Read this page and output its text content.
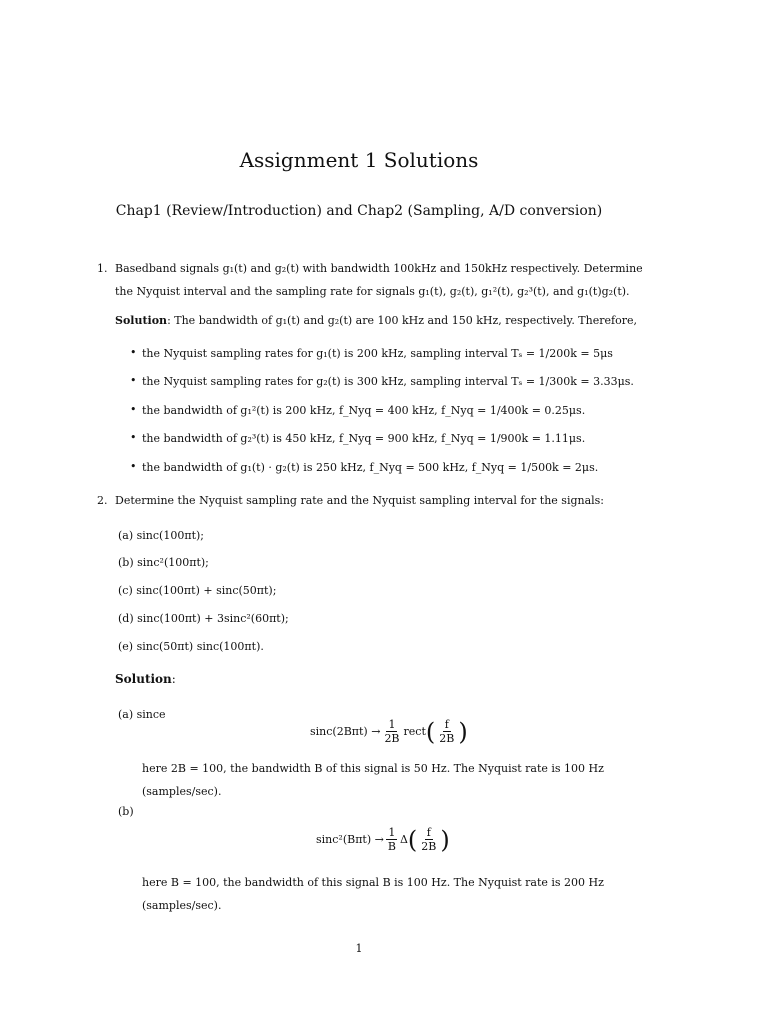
Assignment 1 Solutions
Chap1 (Review/Introduction) and Chap2 (Sampling, A/D conversion)
1. Basedband signals g₁(t) and g₂(t) with bandwidth 100kHz and 150kHz respectively. Determine
the Nyquist interval and the sampling rate for signals g₁(t), g₂(t), g₁²(t), g₂³(t), and g₁(t)g₂(t).
Solution: The bandwidth of g₁(t) and g₂(t) are 100 kHz and 150 kHz, respectively. Therefore,
• the Nyquist sampling rates for g₁(t) is 200 kHz, sampling interval Tₛ = 1/200k = 5μs
• the Nyquist sampling rates for g₂(t) is 300 kHz, sampling interval Tₛ = 1/300k = 3.33μs.
• the bandwidth of g₁²(t) is 200 kHz, f_Nyq = 400 kHz, f_Nyq = 1/400k = 0.25μs.
• the bandwidth of g₂³(t) is 450 kHz, f_Nyq = 900 kHz, f_Nyq = 1/900k = 1.11μs.
• the bandwidth of g₁(t) · g₂(t) is 250 kHz, f_Nyq = 500 kHz, f_Nyq = 1/500k = 2μs.
2. Determine the Nyquist sampling rate and the Nyquist sampling interval for the signals:
(a) sinc(100πt);
(b) sinc²(100πt);
(c) sinc(100πt) + sinc(50πt);
(d) sinc(100πt) + 3sinc²(60πt);
(e) sinc(50πt) sinc(100πt).
Solution:
(a) since
$\sin c(2B\pi t) \to \frac{1}{2B}$ rect ( $\frac{f}{2B}$ )
here 2B = 100, the bandwidth B of this signal is 50 Hz. The Nyquist rate is 100 Hz
(samples/sec).
(b)
$\sin c^2(B\pi t) \to \frac{1}{B}$ Δ ( $\frac{f}{2B}$ )
here B = 100, the bandwidth of this signal B is 100 Hz. The Nyquist rate is 200 Hz
(samples/sec).
1
